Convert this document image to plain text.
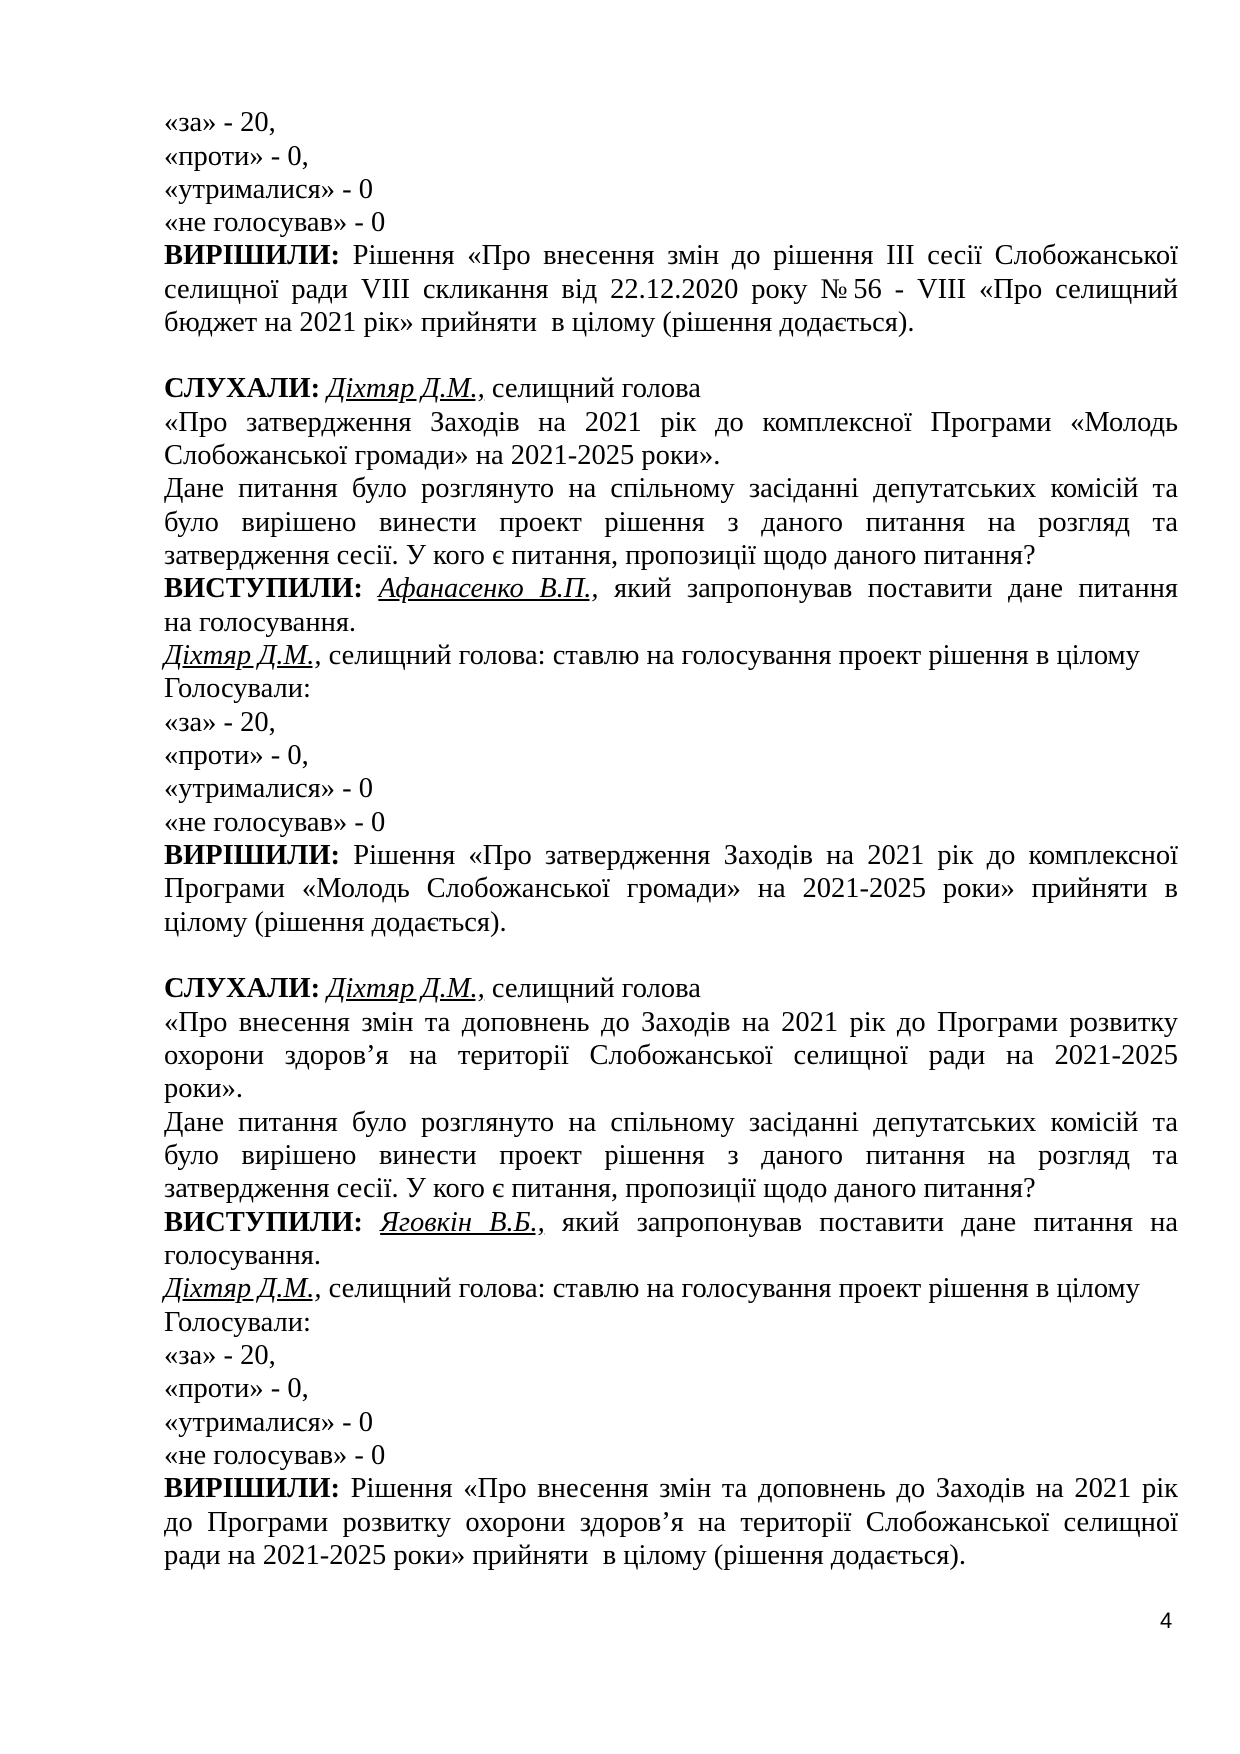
«за» - 20,
«проти» - 0,
«утрималися» - 0
«не голосував» - 0
ВИРІШИЛИ: Рішення «Про внесення змін до рішення ІІІ сесії Слобожанської
селищної ради VIІІ скликання від 22.12.2020 року №56 - VIII «Про селищний
бюджет на 2021 рік» прийняти  в цілому (рішення додається).
СЛУХАЛИ: Діхтяр Д.М., селищний голова
«Про затвердження Заходів на 2021 рік до комплексної Програми «Молодь
Слобожанської громади» на 2021-2025 роки».
Дане питання було розглянуто на спільному засіданні депутатських комісій та
було вирішено винести проект рішення з даного питання на розгляд та
затвердження сесії. У кого є питання, пропозиції щодо даного питання?
ВИСТУПИЛИ: Афанасенко В.П., який запропонував поставити дане питання
на голосування.
Діхтяр Д.М., селищний голова: ставлю на голосування проект рішення в цілому
Голосували:
«за» - 20,
«проти» - 0,
«утрималися» - 0
«не голосував» - 0
ВИРІШИЛИ: Рішення «Про затвердження Заходів на 2021 рік до комплексної
Програми «Молодь Слобожанської громади» на 2021-2025 роки» прийняти в
цілому (рішення додається).
СЛУХАЛИ: Діхтяр Д.М., селищний голова
«Про внесення змін та доповнень до Заходів на 2021 рік до Програми розвитку
охорони здоров’я на території Слобожанської селищної ради на 2021-2025
роки».
Дане питання було розглянуто на спільному засіданні депутатських комісій та
було вирішено винести проект рішення з даного питання на розгляд та
затвердження сесії. У кого є питання, пропозиції щодо даного питання?
ВИСТУПИЛИ: Яговкін В.Б., який запропонував поставити дане питання на
голосування.
Діхтяр Д.М., селищний голова: ставлю на голосування проект рішення в цілому
Голосували:
«за» - 20,
«проти» - 0,
«утрималися» - 0
«не голосував» - 0
ВИРІШИЛИ: Рішення «Про внесення змін та доповнень до Заходів на 2021 рік
до Програми розвитку охорони здоров’я на території Слобожанської селищної
ради на 2021-2025 роки» прийняти  в цілому (рішення додається).
4
